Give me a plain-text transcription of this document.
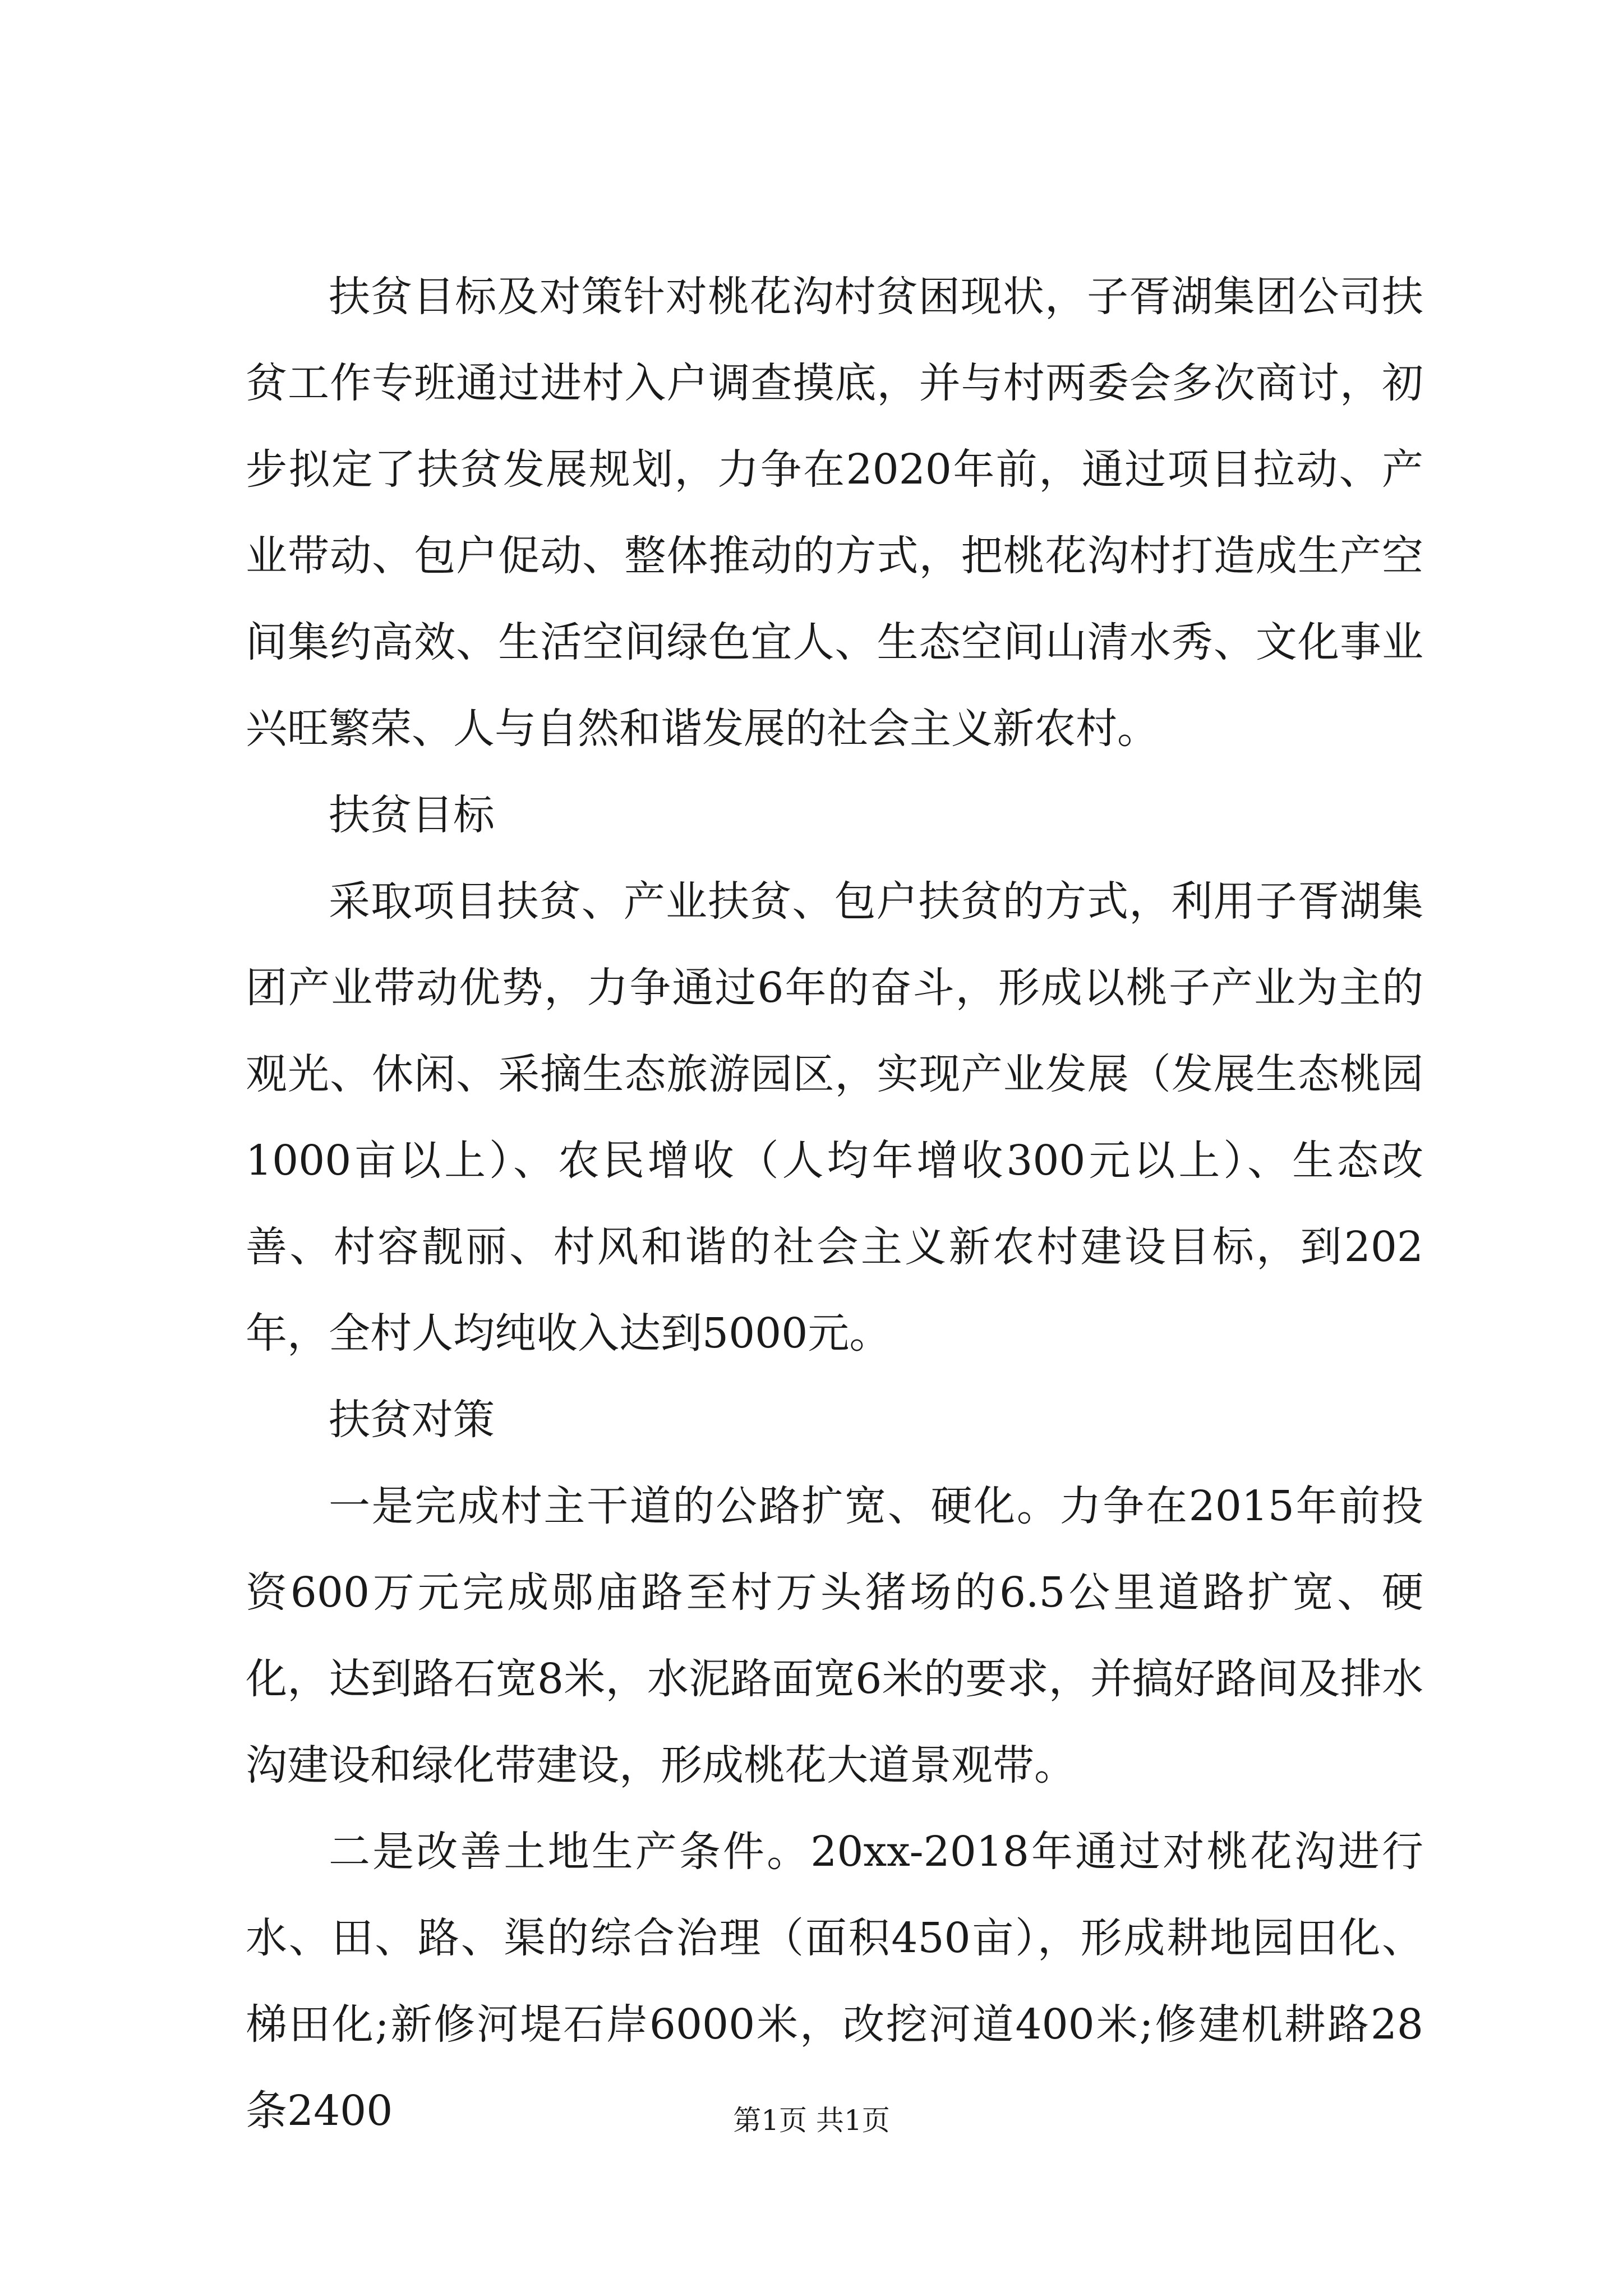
扶贫目标及对策针对桃花沟村贫困现状，子胥湖集团公司扶贫工作专班通过进村入户调查摸底，并与村两委会多次商讨，初步拟定了扶贫发展规划，力争在2020年前，通过项目拉动、产业带动、包户促动、整体推动的方式，把桃花沟村打造成生产空间集约高效、生活空间绿色宜人、生态空间山清水秀、文化事业兴旺繁荣、人与自然和谐发展的社会主义新农村。

扶贫目标

采取项目扶贫、产业扶贫、包户扶贫的方式，利用子胥湖集团产业带动优势，力争通过6年的奋斗，形成以桃子产业为主的观光、休闲、采摘生态旅游园区，实现产业发展（发展生态桃园1000亩以上）、农民增收（人均年增收300元以上）、生态改善、村容靓丽、村风和谐的社会主义新农村建设目标，到202年，全村人均纯收入达到5000元。

扶贫对策

一是完成村主干道的公路扩宽、硬化。力争在2015年前投资600万元完成郧庙路至村万头猪场的6.5公里道路扩宽、硬化，达到路石宽8米，水泥路面宽6米的要求，并搞好路间及排水沟建设和绿化带建设，形成桃花大道景观带。

二是改善土地生产条件。20xx-2018年通过对桃花沟进行水、田、路、渠的综合治理（面积450亩），形成耕地园田化、梯田化;新修河堤石岸6000米，改挖河道400米;修建机耕路28条2400	第1页 共1页
